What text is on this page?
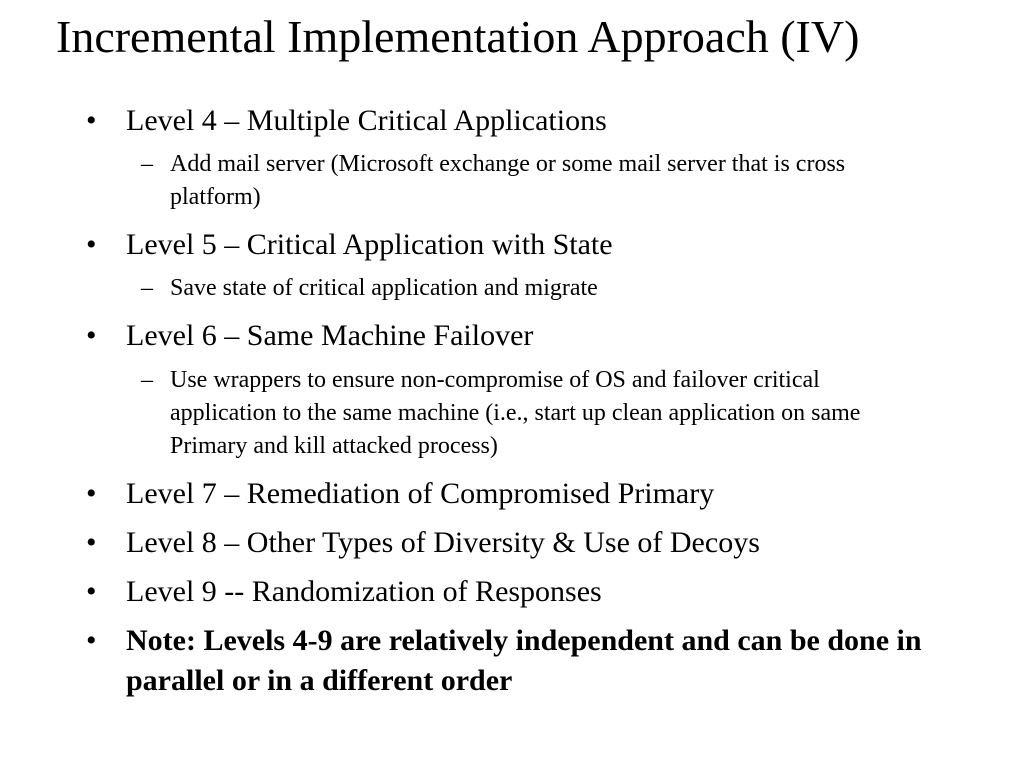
Incremental Implementation Approach (IV)
• Level 4 – Multiple Critical Applications
– Add mail server (Microsoft exchange or some mail server that is cross platform)
• Level 5 – Critical Application with State
– Save state of critical application and migrate
• Level 6 – Same Machine Failover
– Use wrappers to ensure non-compromise of OS and failover critical application to the same machine (i.e., start up clean application on same Primary and kill attacked process)
• Level 7 – Remediation of Compromised Primary
• Level 8 – Other Types of Diversity & Use of Decoys
• Level 9 -- Randomization of Responses
• Note: Levels 4-9 are relatively independent and can be done in parallel or in a different order
